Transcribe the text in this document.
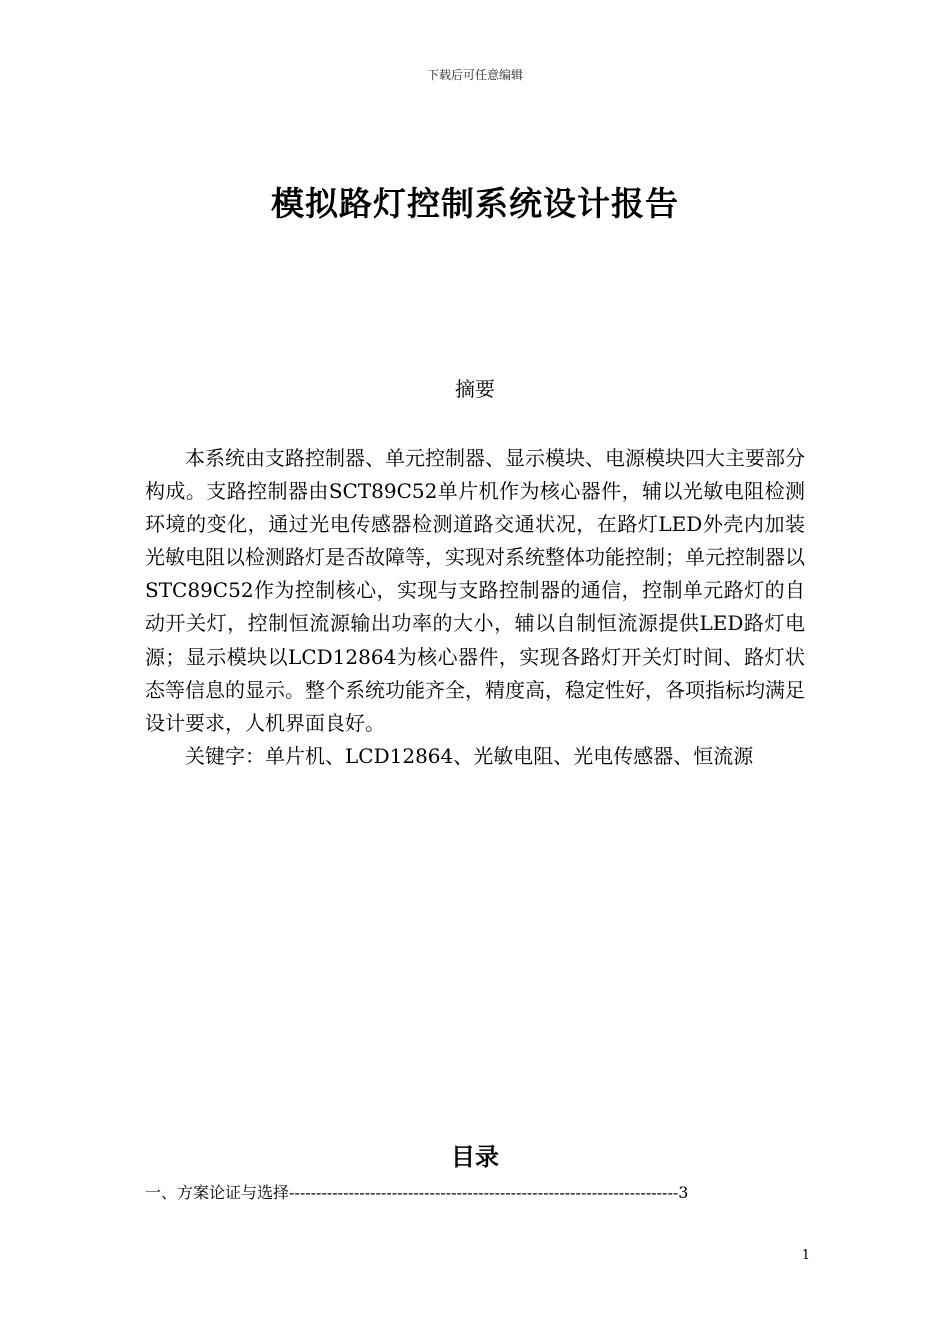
下载后可任意编辑
模拟路灯控制系统设计报告
摘要

本系统由支路控制器、单元控制器、显示模块、电源模块四大主要部分构成。支路控制器由SCT89C52单片机作为核心器件，辅以光敏电阻检测环境的变化，通过光电传感器检测道路交通状况，在路灯LED外壳内加装光敏电阻以检测路灯是否故障等，实现对系统整体功能控制；单元控制器以STC89C52作为控制核心，实现与支路控制器的通信，控制单元路灯的自动开关灯，控制恒流源输出功率的大小，辅以自制恒流源提供LED路灯电源；显示模块以LCD12864为核心器件，实现各路灯开关灯时间、路灯状态等信息的显示。整个系统功能齐全，精度高，稳定性好，各项指标均满足设计要求，人机界面良好。

关键字：单片机、LCD12864、光敏电阻、光电传感器、恒流源

目录
一、方案论证与选择------------------------------------------------------------------------3
1
